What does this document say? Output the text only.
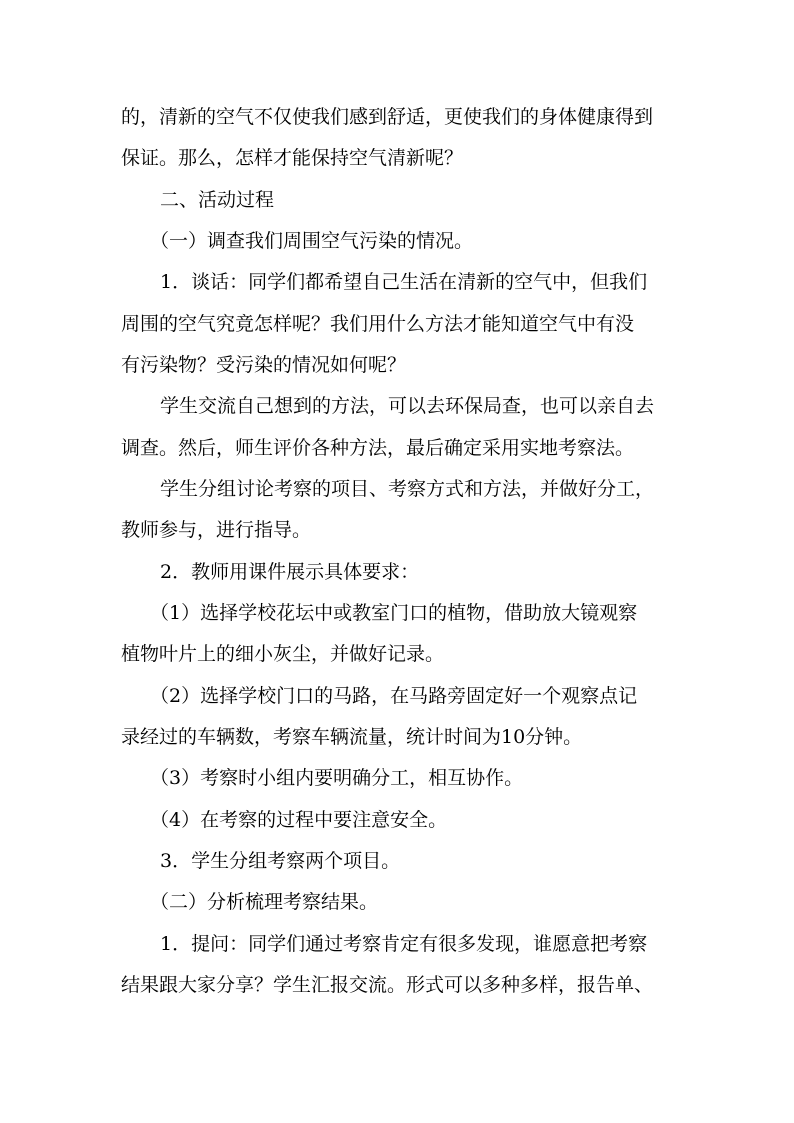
的，清新的空气不仅使我们感到舒适，更使我们的身体健康得到
保证。那么，怎样才能保持空气清新呢？
二、活动过程
（一）调查我们周围空气污染的情况。
1．谈话：同学们都希望自己生活在清新的空气中，但我们
周围的空气究竟怎样呢？我们用什么方法才能知道空气中有没
有污染物？受污染的情况如何呢？
学生交流自己想到的方法，可以去环保局查，也可以亲自去
调查。然后，师生评价各种方法，最后确定采用实地考察法。
学生分组讨论考察的项目、考察方式和方法，并做好分工，
教师参与，进行指导。
2．教师用课件展示具体要求：
（1）选择学校花坛中或教室门口的植物，借助放大镜观察
植物叶片上的细小灰尘，并做好记录。
（2）选择学校门口的马路，在马路旁固定好一个观察点记
录经过的车辆数，考察车辆流量，统计时间为10分钟。
（3）考察时小组内要明确分工，相互协作。
（4）在考察的过程中要注意安全。
3．学生分组考察两个项目。
（二）分析梳理考察结果。
1．提问：同学们通过考察肯定有很多发现，谁愿意把考察
结果跟大家分享？学生汇报交流。形式可以多种多样，报告单、
